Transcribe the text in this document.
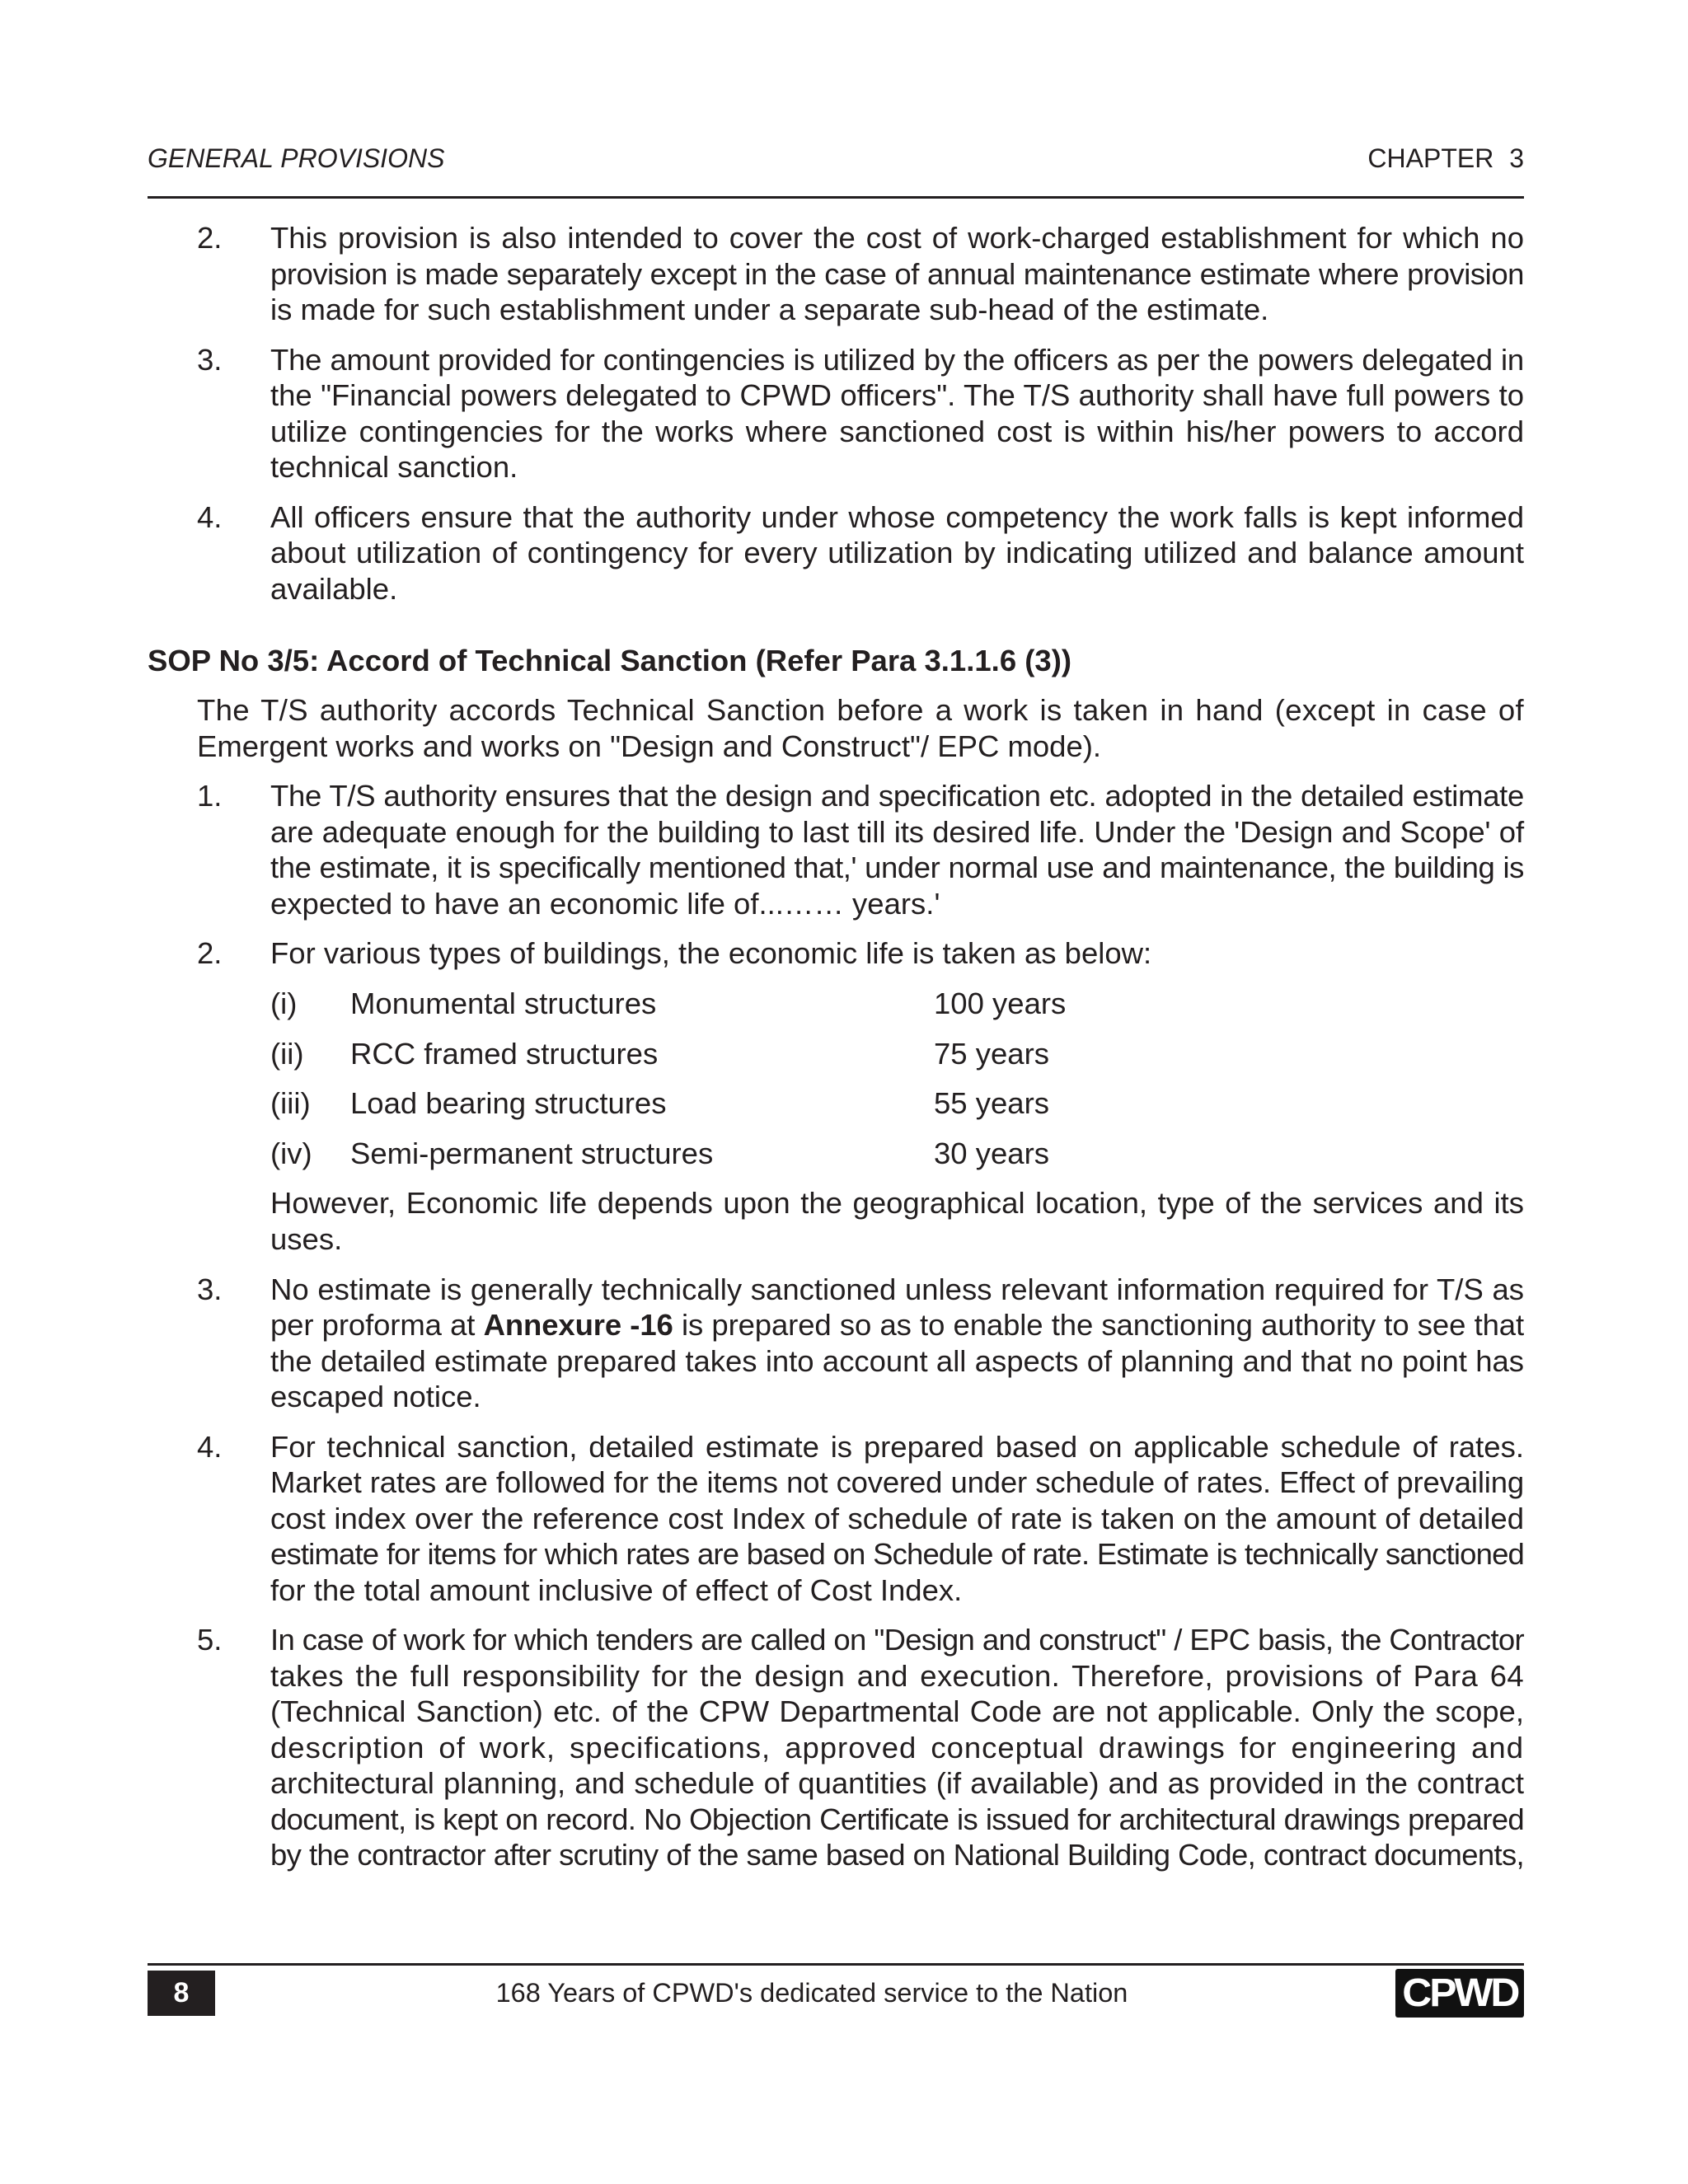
GENERAL PROVISIONS	CHAPTER 3
2.	This provision is also intended to cover the cost of work-charged establishment for which no
provision is made separately except in the case of annual maintenance estimate where provision
is made for such establishment under a separate sub-head of the estimate.
3.	The amount provided for contingencies is utilized by the officers as per the powers delegated in
the "Financial powers delegated to CPWD officers". The T/S authority shall have full powers to
utilize contingencies for the works where sanctioned cost is within his/her powers to accord
technical sanction.
4.	All officers ensure that the authority under whose competency the work falls is kept informed
about utilization of contingency for every utilization by indicating utilized and balance amount
available.
SOP No 3/5: Accord of Technical Sanction (Refer Para 3.1.1.6 (3))
The T/S authority accords Technical Sanction before a work is taken in hand (except in case of
Emergent works and works on "Design and Construct"/ EPC mode).
1.	The T/S authority ensures that the design and specification etc. adopted in the detailed estimate
are adequate enough for the building to last till its desired life. Under the 'Design and Scope' of
the estimate, it is specifically mentioned that,' under normal use and maintenance, the building is
expected to have an economic life of...…… years.'
2.	For various types of buildings, the economic life is taken as below:
(i)	Monumental structures	100 years
(ii)	RCC framed structures	75 years
(iii)	Load bearing structures	55 years
(iv)	Semi-permanent structures	30 years
However, Economic life depends upon the geographical location, type of the services and its
uses.
3.	No estimate is generally technically sanctioned unless relevant information required for T/S as
per proforma at Annexure -16 is prepared so as to enable the sanctioning authority to see that
the detailed estimate prepared takes into account all aspects of planning and that no point has
escaped notice.
4.	For technical sanction, detailed estimate is prepared based on applicable schedule of rates.
Market rates are followed for the items not covered under schedule of rates. Effect of prevailing
cost index over the reference cost Index of schedule of rate is taken on the amount of detailed
estimate for items for which rates are based on Schedule of rate. Estimate is technically sanctioned
for the total amount inclusive of effect of Cost Index.
5.	In case of work for which tenders are called on "Design and construct" / EPC basis, the Contractor
takes the full responsibility for the design and execution. Therefore, provisions of Para 64
(Technical Sanction) etc. of the CPW Departmental Code are not applicable. Only the scope,
description of work, specifications, approved conceptual drawings for engineering and
architectural planning, and schedule of quantities (if available) and as provided in the contract
document, is kept on record. No Objection Certificate is issued for architectural drawings prepared
by the contractor after scrutiny of the same based on National Building Code, contract documents,
8	168 Years of CPWD's dedicated service to the Nation	CPWD
